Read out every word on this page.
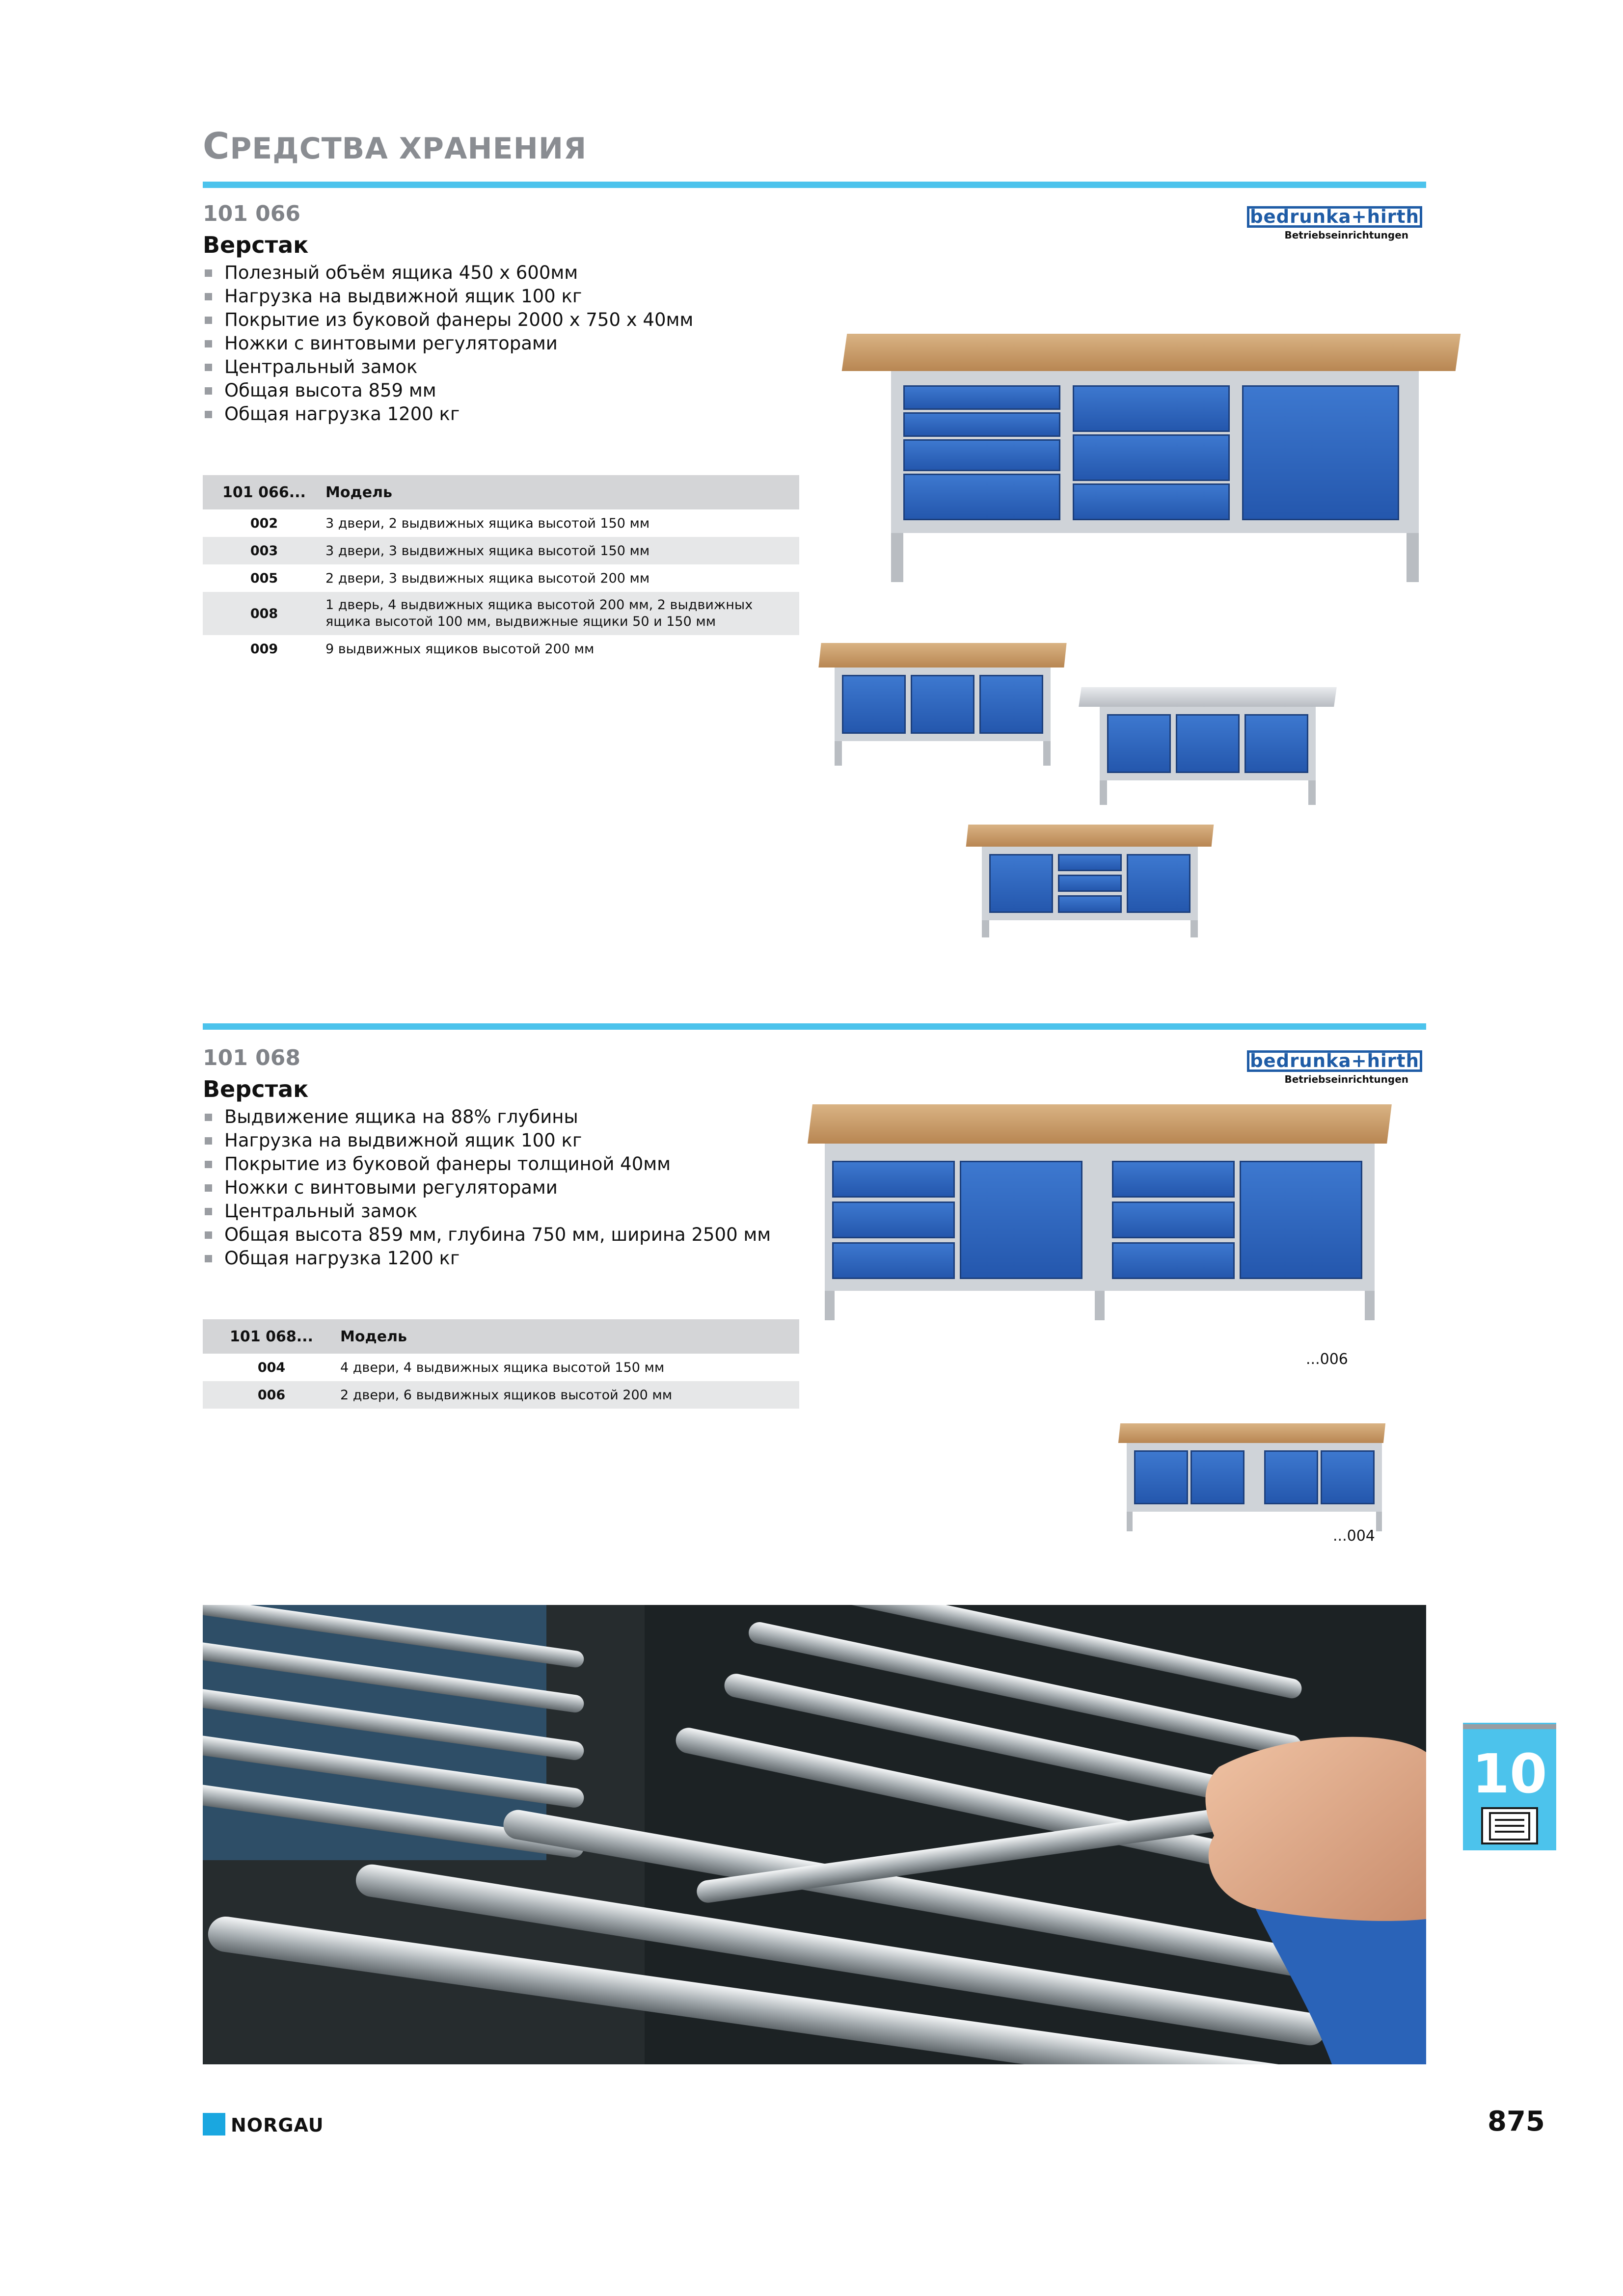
СРЕДСТВА ХРАНЕНИЯ
101 066
Верстак
Полезный объём ящика 450 x 600мм
Нагрузка на выдвижной ящик 100 кг
Покрытие из буковой фанеры 2000 x 750 x 40мм
Ножки с винтовыми регуляторами
Центральный замок
Общая высота 859 мм
Общая нагрузка 1200 кг
bedrunka+hirth
Betriebseinrichtungen
101 066...	Модель
002	3 двери, 2 выдвижных ящика высотой 150 мм
003	3 двери, 3 выдвижных ящика высотой 150 мм
005	2 двери, 3 выдвижных ящика высотой 200 мм
008	1 дверь, 4 выдвижных ящика высотой 200 мм, 2 выдвижных ящика высотой 100 мм, выдвижные ящики 50 и 150 мм
009	9 выдвижных ящиков высотой 200 мм
101 068
Верстак
Выдвижение ящика на 88% глубины
Нагрузка на выдвижной ящик 100 кг
Покрытие из буковой фанеры толщиной 40мм
Ножки с винтовыми регуляторами
Центральный замок
Общая высота 859 мм, глубина 750 мм, ширина 2500 мм
Общая нагрузка 1200 кг
bedrunka+hirth
Betriebseinrichtungen
101 068...	Модель
004	4 двери, 4 выдвижных ящика высотой 150 мм
006	2 двери, 6 выдвижных ящиков высотой 200 мм
...006
...004
10
NORGAU	875
